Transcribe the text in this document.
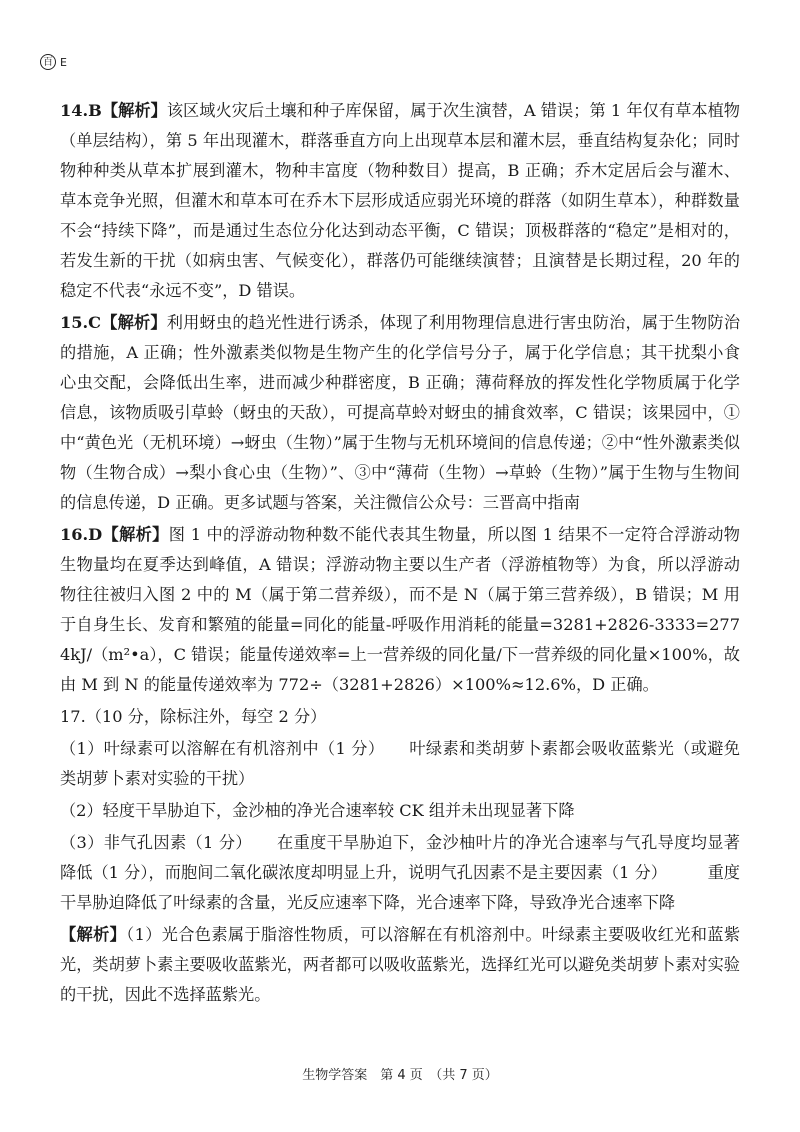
百 E

14.B【解析】该区域火灾后土壤和种子库保留，属于次生演替，A 错误；第 1 年仅有草本植物（单层结构），第 5 年出现灌木，群落垂直方向上出现草本层和灌木层，垂直结构复杂化；同时物种种类从草本扩展到灌木，物种丰富度（物种数目）提高，B 正确；乔木定居后会与灌木、草本竞争光照，但灌木和草本可在乔木下层形成适应弱光环境的群落（如阴生草本），种群数量不会“持续下降”，而是通过生态位分化达到动态平衡，C 错误；顶极群落的“稳定”是相对的，若发生新的干扰（如病虫害、气候变化），群落仍可能继续演替；且演替是长期过程，20 年的稳定不代表“永远不变”，D 错误。

15.C【解析】利用蚜虫的趋光性进行诱杀，体现了利用物理信息进行害虫防治，属于生物防治的措施，A 正确；性外激素类似物是生物产生的化学信号分子，属于化学信息；其干扰梨小食心虫交配，会降低出生率，进而减少种群密度，B 正确；薄荷释放的挥发性化学物质属于化学信息，该物质吸引草蛉（蚜虫的天敌），可提高草蛉对蚜虫的捕食效率，C 错误；该果园中，①中“黄色光（无机环境）→蚜虫（生物）”属于生物与无机环境间的信息传递；②中“性外激素类似物（生物合成）→梨小食心虫（生物）”、③中“薄荷（生物）→草蛉（生物）”属于生物与生物间的信息传递，D 正确。更多试题与答案，关注微信公众号：三晋高中指南

16.D【解析】图 1 中的浮游动物种数不能代表其生物量，所以图 1 结果不一定符合浮游动物生物量均在夏季达到峰值，A 错误；浮游动物主要以生产者（浮游植物等）为食，所以浮游动物往往被归入图 2 中的 M（属于第二营养级），而不是 N（属于第三营养级），B 错误；M 用于自身生长、发育和繁殖的能量=同化的能量-呼吸作用消耗的能量=3281+2826-3333=2774kJ/（m²•a），C 错误；能量传递效率=上一营养级的同化量/下一营养级的同化量×100%，故由 M 到 N 的能量传递效率为 772÷（3281+2826）×100%≈12.6%，D 正确。

17.（10 分，除标注外，每空 2 分）

（1）叶绿素可以溶解在有机溶剂中（1 分）　　叶绿素和类胡萝卜素都会吸收蓝紫光（或避免类胡萝卜素对实验的干扰）

（2）轻度干旱胁迫下，金沙柚的净光合速率较 CK 组并未出现显著下降

（3）非气孔因素（1 分）　　在重度干旱胁迫下，金沙柚叶片的净光合速率与气孔导度均显著降低（1 分），而胞间二氧化碳浓度却明显上升，说明气孔因素不是主要因素（1 分）　　　重度干旱胁迫降低了叶绿素的含量，光反应速率下降，光合速率下降，导致净光合速率下降

【解析】（1）光合色素属于脂溶性物质，可以溶解在有机溶剂中。叶绿素主要吸收红光和蓝紫光，类胡萝卜素主要吸收蓝紫光，两者都可以吸收蓝紫光，选择红光可以避免类胡萝卜素对实验的干扰，因此不选择蓝紫光。

生物学答案　第 4 页　（共 7 页）
